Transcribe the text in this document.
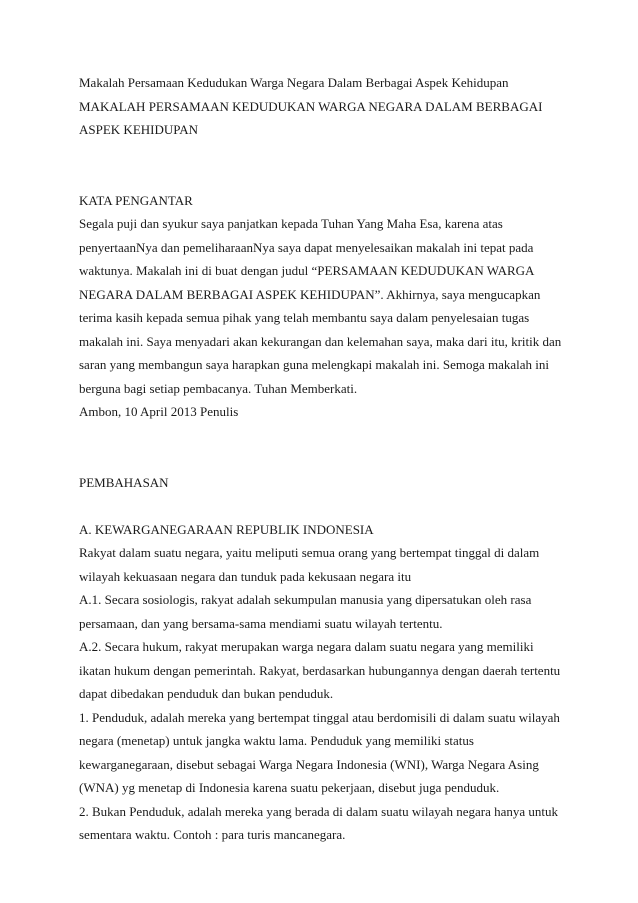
Makalah Persamaan Kedudukan Warga Negara Dalam Berbagai Aspek Kehidupan
MAKALAH PERSAMAAN KEDUDUKAN WARGA NEGARA DALAM BERBAGAI
ASPEK KEHIDUPAN
KATA PENGANTAR
Segala puji dan syukur saya panjatkan kepada Tuhan Yang Maha Esa, karena atas
penyertaanNya dan pemeliharaanNya saya dapat menyelesaikan makalah ini tepat pada
waktunya. Makalah ini di buat dengan judul “PERSAMAAN KEDUDUKAN WARGA
NEGARA DALAM BERBAGAI ASPEK KEHIDUPAN”. Akhirnya, saya mengucapkan
terima kasih kepada semua pihak yang telah membantu saya dalam penyelesaian tugas
makalah ini. Saya menyadari akan kekurangan dan kelemahan saya, maka dari itu, kritik dan
saran yang membangun saya harapkan guna melengkapi makalah ini. Semoga makalah ini
berguna bagi setiap pembacanya. Tuhan Memberkati.
Ambon, 10 April 2013 Penulis
PEMBAHASAN
A. KEWARGANEGARAAN REPUBLIK INDONESIA
Rakyat dalam suatu negara, yaitu meliputi semua orang yang bertempat tinggal di dalam
wilayah kekuasaan negara dan tunduk pada kekusaan negara itu
A.1. Secara sosiologis, rakyat adalah sekumpulan manusia yang dipersatukan oleh rasa
persamaan, dan yang bersama-sama mendiami suatu wilayah tertentu.
A.2. Secara hukum, rakyat merupakan warga negara dalam suatu negara yang memiliki
ikatan hukum dengan pemerintah. Rakyat, berdasarkan hubungannya dengan daerah tertentu
dapat dibedakan penduduk dan bukan penduduk.
1. Penduduk, adalah mereka yang bertempat tinggal atau berdomisili di dalam suatu wilayah
negara (menetap) untuk jangka waktu lama. Penduduk yang memiliki status
kewarganegaraan, disebut sebagai Warga Negara Indonesia (WNI), Warga Negara Asing
(WNA) yg menetap di Indonesia karena suatu pekerjaan, disebut juga penduduk.
2. Bukan Penduduk, adalah mereka yang berada di dalam suatu wilayah negara hanya untuk
sementara waktu. Contoh : para turis mancanegara.
